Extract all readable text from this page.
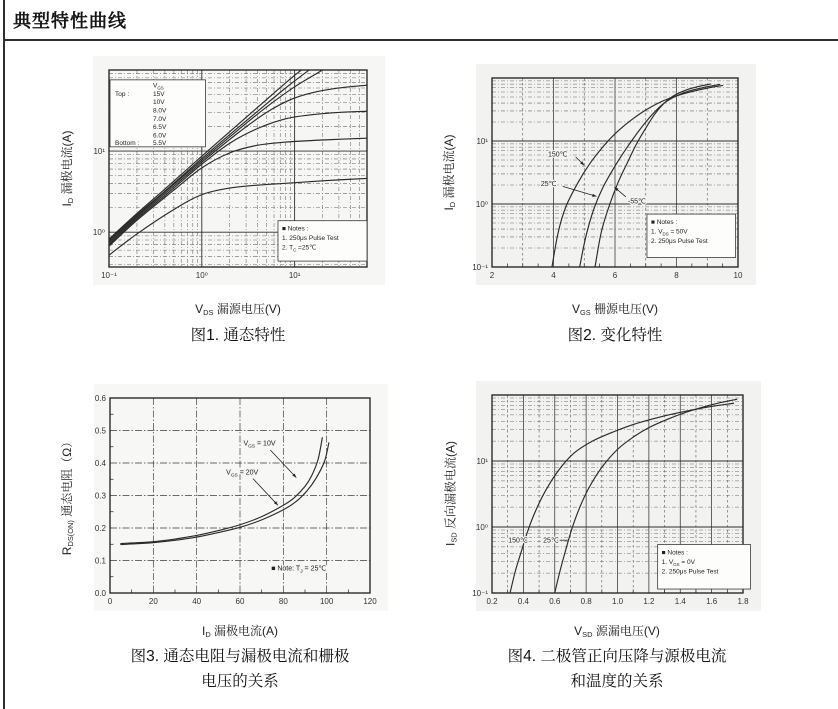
典型特性曲线
$V_{GS}$
Top :	15V
10V
8.0V
7.0V
6.5V
6.0V
Bottom : 5.5V
■ Notes :
1. 250μs Pulse Test
2. $T_C$ =25℃
10⁻¹	10⁰	10¹
10⁰
10¹
■ Notes :
1. $V_{DS} = 50V$
2. 250μs Pulse Test
150℃
25℃
-55℃
2	4	6	8	10
10⁻¹
10⁰
10¹
■ Note: $T_J$ = 25℃
$V_{GS} = 10V$
$V_{GS} = 20V$
0	20	40	60	80	100	120
0.0
0.1
0.2
0.3
0.4
0.5
0.6
■ Notes :
1. $V_{GS} = 0V$
2. 250μs Pulse Test
150℃ 25℃
0.2	0.4	0.6	0.8	1.0	1.2	1.4	1.6	1.8
10⁻¹
10⁰
10¹
$V_{DS}$ 漏源电压(V)
$I_D$ 漏极电流(A)
$V_{GS}$ 栅源电压(V)
$I_D$ 漏极电流(A)
$I_D$ 漏极电流(A)
$R_{DS(ON)}$ 通态电阻（Ω）
$V_{SD}$ 源漏电压(V)
$I_{SD}$ 反向漏极电流(A)
图1. 通态特性	图2. 变化特性
图3. 通态电阻与漏极电流和栅极
电压的关系
图4. 二极管正向压降与源极电流
和温度的关系
